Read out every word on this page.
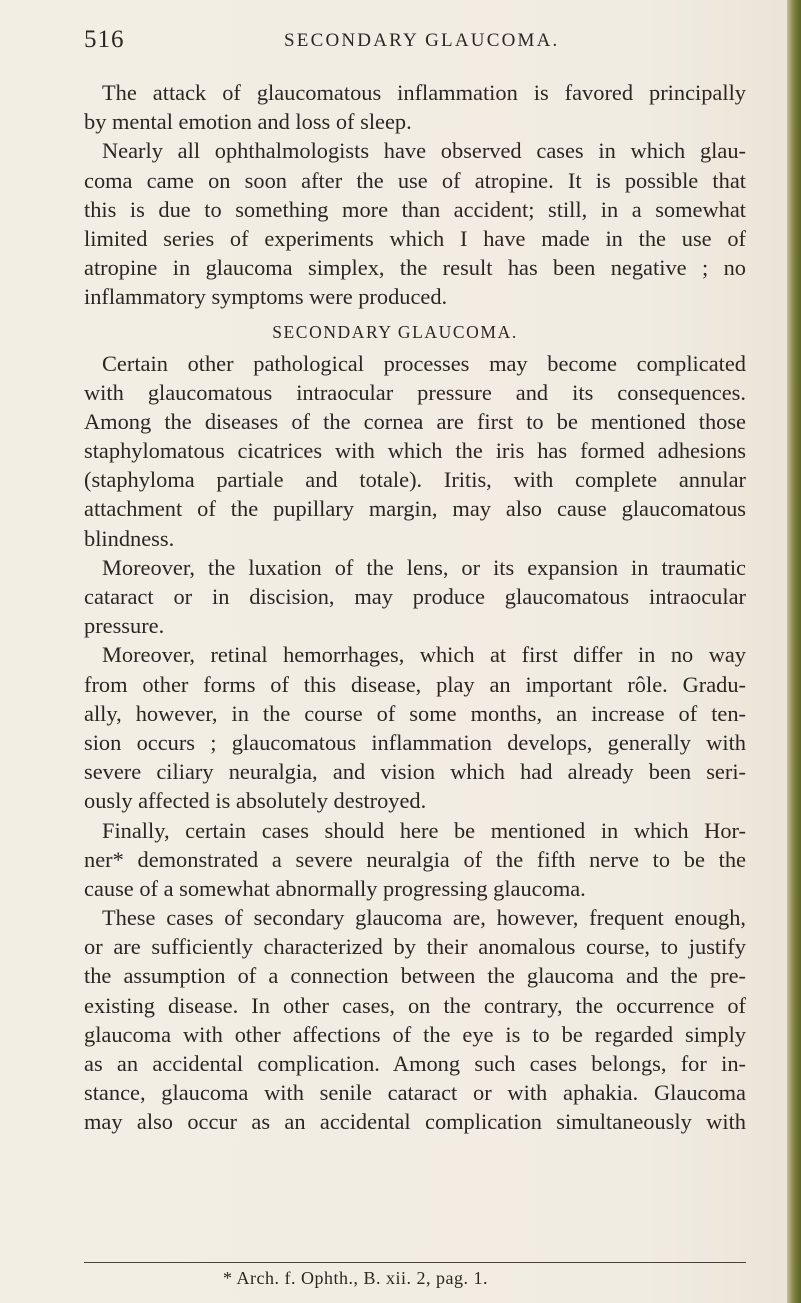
516	SECONDARY GLAUCOMA.
The attack of glaucomatous inflammation is favored principally
by mental emotion and loss of sleep.
Nearly all ophthalmologists have observed cases in which glau-
coma came on soon after the use of atropine. It is possible that
this is due to something more than accident; still, in a somewhat
limited series of experiments which I have made in the use of
atropine in glaucoma simplex, the result has been negative ; no
inflammatory symptoms were produced.
SECONDARY GLAUCOMA.
Certain other pathological processes may become complicated
with glaucomatous intraocular pressure and its consequences.
Among the diseases of the cornea are first to be mentioned those
staphylomatous cicatrices with which the iris has formed adhesions
(staphyloma partiale and totale). Iritis, with complete annular
attachment of the pupillary margin, may also cause glaucomatous
blindness.
Moreover, the luxation of the lens, or its expansion in traumatic
cataract or in discision, may produce glaucomatous intraocular
pressure.
Moreover, retinal hemorrhages, which at first differ in no way
from other forms of this disease, play an important rôle. Gradu-
ally, however, in the course of some months, an increase of ten-
sion occurs ; glaucomatous inflammation develops, generally with
severe ciliary neuralgia, and vision which had already been seri-
ously affected is absolutely destroyed.
Finally, certain cases should here be mentioned in which Hor-
ner* demonstrated a severe neuralgia of the fifth nerve to be the
cause of a somewhat abnormally progressing glaucoma.
These cases of secondary glaucoma are, however, frequent enough,
or are sufficiently characterized by their anomalous course, to justify
the assumption of a connection between the glaucoma and the pre-
existing disease. In other cases, on the contrary, the occurrence of
glaucoma with other affections of the eye is to be regarded simply
as an accidental complication. Among such cases belongs, for in-
stance, glaucoma with senile cataract or with aphakia. Glaucoma
may also occur as an accidental complication simultaneously with
* Arch. f. Ophth., B. xii. 2, pag. 1.
